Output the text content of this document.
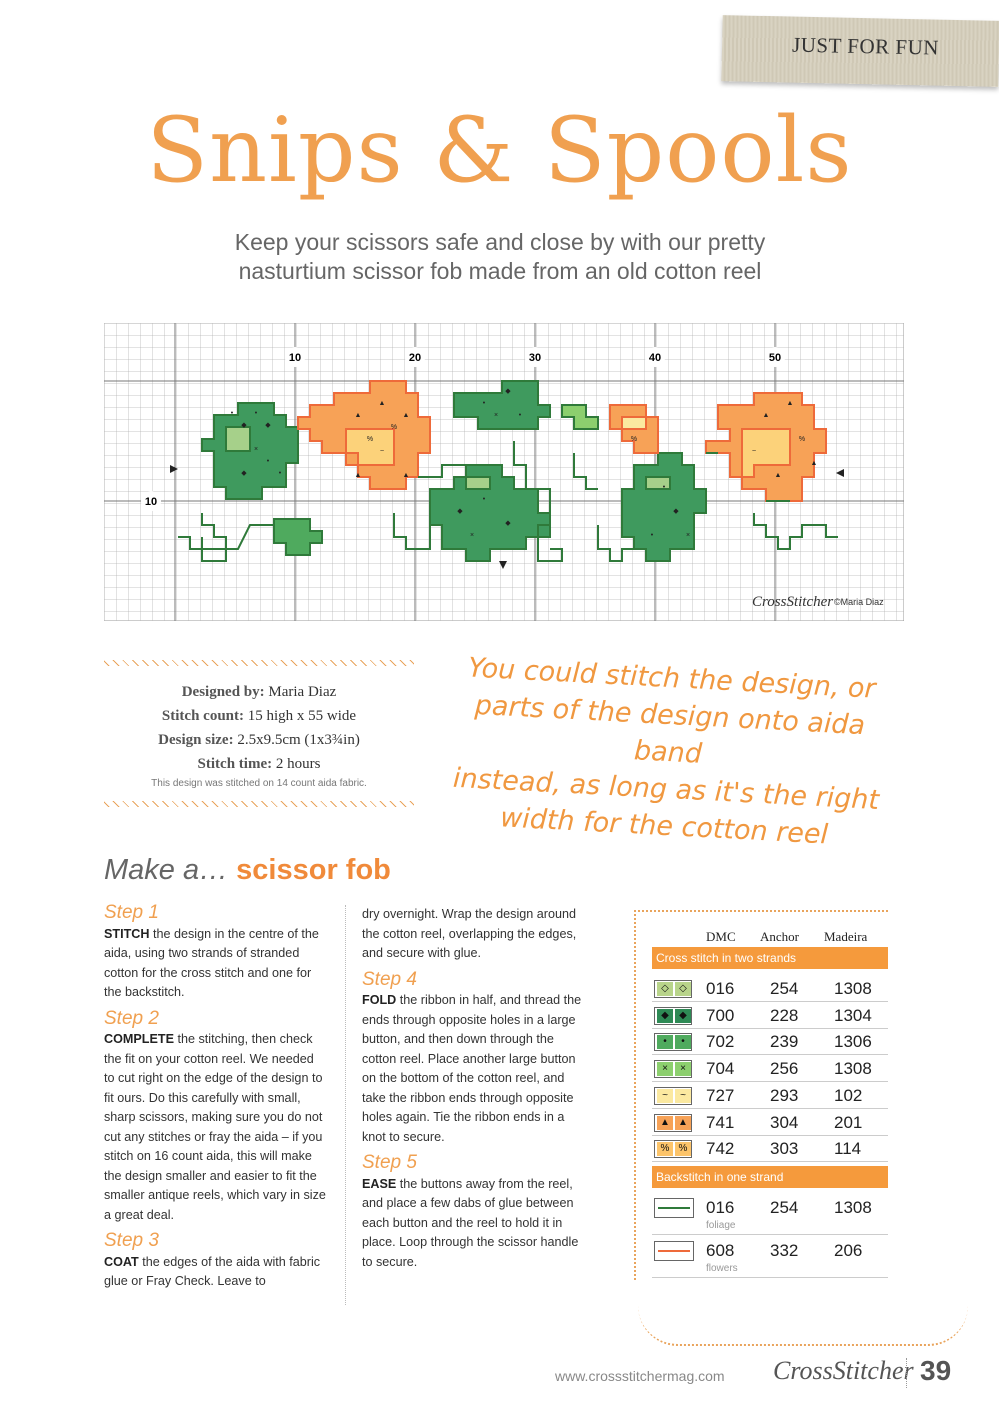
JUST FOR FUN
Snips & Spools
Keep your scissors safe and close by with our pretty
nasturtium scissor fob made from an old cotton reel
10	20	30	40	50
10
•
◆
•
◆
×
•
◆	•
▲
▲
▲
%
~
▲
▲
%
•
◆
•
×
◆
•
◆
×
•
◆
•	×
▲
▲
%
~
▲
▲
%
CrossStitcher ©Maria Diaz
Designed by: Maria Diaz
Stitch count: 15 high x 55 wide
Design size: 2.5x9.5cm (1x3¾in)
Stitch time: 2 hours
This design was stitched on 14 count aida fabric.
You could stitch the design, or
parts of the design onto aida band
instead, as long as it's the right
width for the cotton reel
Make a… scissor fob
Step 1

STITCH the design in the centre of the aida, using two strands of stranded cotton for the cross stitch and one for the backstitch.

Step 2

COMPLETE the stitching, then check the fit on your cotton reel. We needed to cut right on the edge of the design to fit ours. Do this carefully with small, sharp scissors, making sure you do not cut any stitches or fray the aida – if you stitch on 16 count aida, this will make the design smaller and easier to fit the smaller antique reels, which vary in size a great deal.

Step 3

COAT the edges of the aida with fabric glue or Fray Check. Leave to

dry overnight. Wrap the design around the cotton reel, overlapping the edges, and secure with glue.

Step 4

FOLD the ribbon in half, and thread the ends through opposite holes in a large button, and then down through the cotton reel. Place another large button on the bottom of the cotton reel, and take the ribbon ends through opposite holes again. Tie the ribbon ends in a knot to secure.

Step 5

EASE the buttons away from the reel, and place a few dabs of glue between each button and the reel to hold it in place. Loop through the scissor handle to secure.

DMC Anchor Madeira
Cross stitch in two strands
◇	◇ 016 254 1308
◆	◆ 700 228 1304
•	•	702 239 1306
×	× 704 256 1308
~	~ 727 293 102
▲ ▲ 741 304 201
% % 742 303 114
Backstitch in one strand
016 254 1308
foliage
608 332 206
flowers
www.crossstitchermag.com CrossStitcher 39
